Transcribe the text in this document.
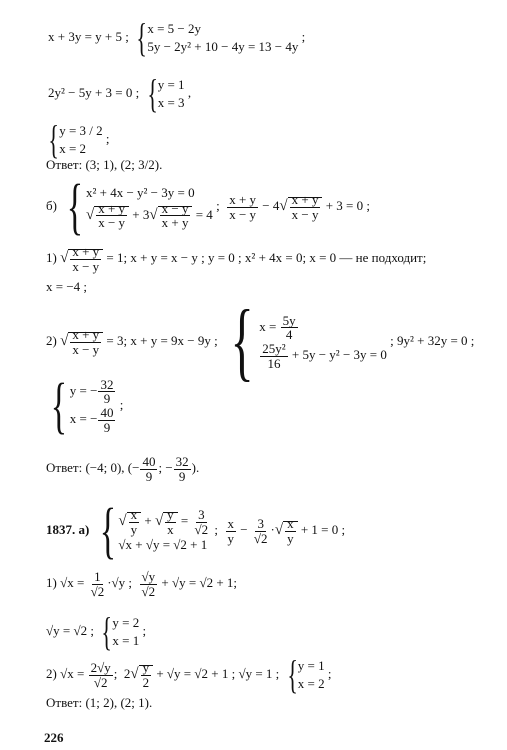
x + 3y = y + 5 ; { x = 5 − 2y
5y − 2y² + 10 − 4y = 13 − 4y
;
2y² − 5y + 3 = 0 ; { y = 1
x = 3
,
{ y = 3 / 2
x = 2
;
Ответ: (3; 1), (2; 3/2).
б) { x² + 4x − y² − 3y = 0
√
$\frac{x + y}{x - y} + 3√ \frac{x - y}{x + y} = 4$
; $\frac{x + y}{x - y} - 4√ \frac{x + y}{x - y} + 3 = 0$ ;
1) √ $\frac{x + y}{x - y} = 1$; x + y = x − y ; y = 0 ; x² + 4x = 0; x = 0 — не подходит;
x = −4 ;
2) √ $\frac{x + y}{x - y} = 3$; x + y = 9x − 9y ; { $x = \frac{5y}{4}$
$\frac{\text{25y²}}{16} + 5y - y^2 - 3y = 0$
; 9y² + 32y = 0 ;
{ y = − $\frac{32}{9}$
x = − $\frac{40}{9}$
;
Ответ: (−4; 0), (− $\frac{40}{9}$ ; − $\frac{32}{9}$ ).
1837. а) {
√ $\frac{x}{y}$ + √ $\frac{y}{x} = \frac{3}{√2}$
√x + √y = √2 + 1
; $\frac{x}{y} - \frac{3}{√2}$ ·√ $\frac{x}{y} + 1 = 0$ ;
1) $√x = \frac{1}{√2} \cdot√y$ ; $\frac{√y}{√2} + √y = √2 + 1$;
√y = √2 ; { y = 2
x = 1
;
2) $√x = \frac{2√y}{√2}$ ;  $2√ \frac{y}{2} + √y = √2 + 1$ ; √y = 1 ; { y = 1
x = 2
;
Ответ: (1; 2), (2; 1).
226
